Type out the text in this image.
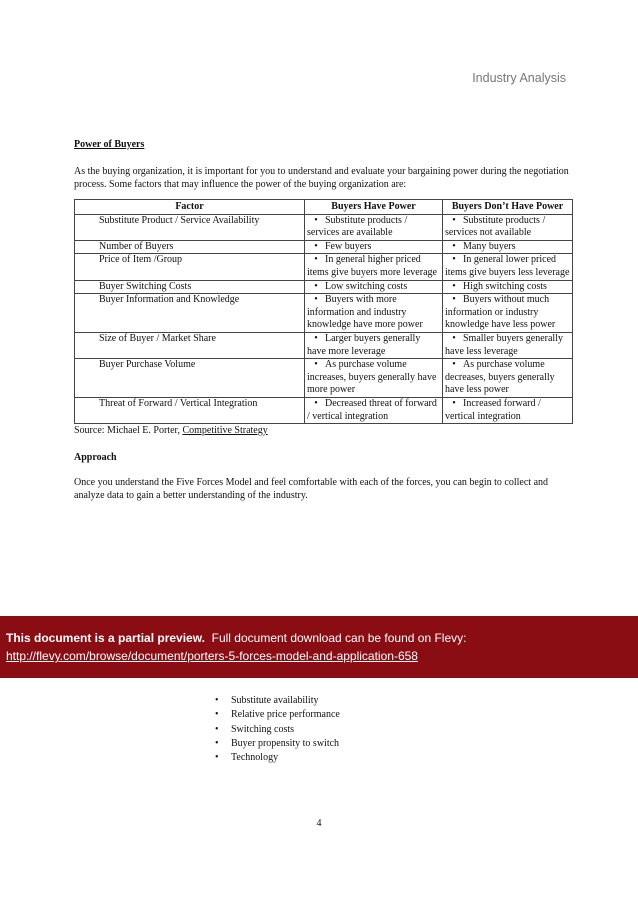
Industry Analysis

Power of Buyers

As the buying organization, it is important for you to understand and evaluate your bargaining power during the negotiation process. Some factors that may influence the power of the buying organization are:

Factor	Buyers Have Power	Buyers Don’t Have Power
Substitute Product / Service Availability	• Substitute products / services are available	• Substitute products / services not available
Number of Buyers	• Few buyers	• Many buyers
Price of Item /Group	• In general higher priced items give buyers more leverage	• In general lower priced items give buyers less leverage
Buyer Switching Costs	• Low switching costs	• High switching costs
Buyer Information and Knowledge	• Buyers with more information and industry knowledge have more power	• Buyers without much information or industry knowledge have less power
Size of Buyer / Market Share	• Larger buyers generally have more leverage	• Smaller buyers generally have less leverage
Buyer Purchase Volume	• As purchase volume increases, buyers generally have more power	• As purchase volume decreases, buyers generally have less power
Threat of Forward / Vertical Integration	• Decreased threat of forward / vertical integration	• Increased forward / vertical integration

Source: Michael E. Porter, Competitive Strategy

Approach

Once you understand the Five Forces Model and feel comfortable with each of the forces, you can begin to collect and analyze data to gain a better understanding of the industry.

This document is a partial preview. Full document download can be found on Flevy:
http://flevy.com/browse/document/porters-5-forces-model-and-application-658
• Substitute availability
• Relative price performance
• Switching costs
• Buyer propensity to switch
• Technology
4
